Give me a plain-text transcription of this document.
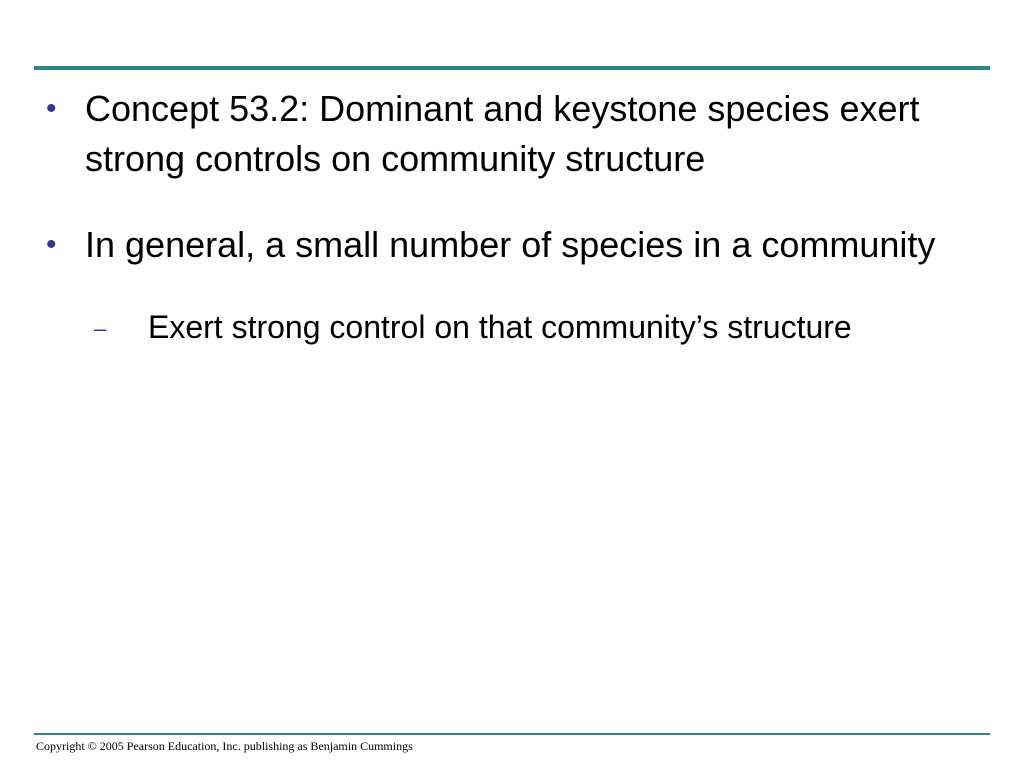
• Concept 53.2: Dominant and keystone species exert strong controls on community structure
• In general, a small number of species in a community
–	Exert strong control on that community’s structure
Copyright © 2005 Pearson Education, Inc. publishing as Benjamin Cummings
